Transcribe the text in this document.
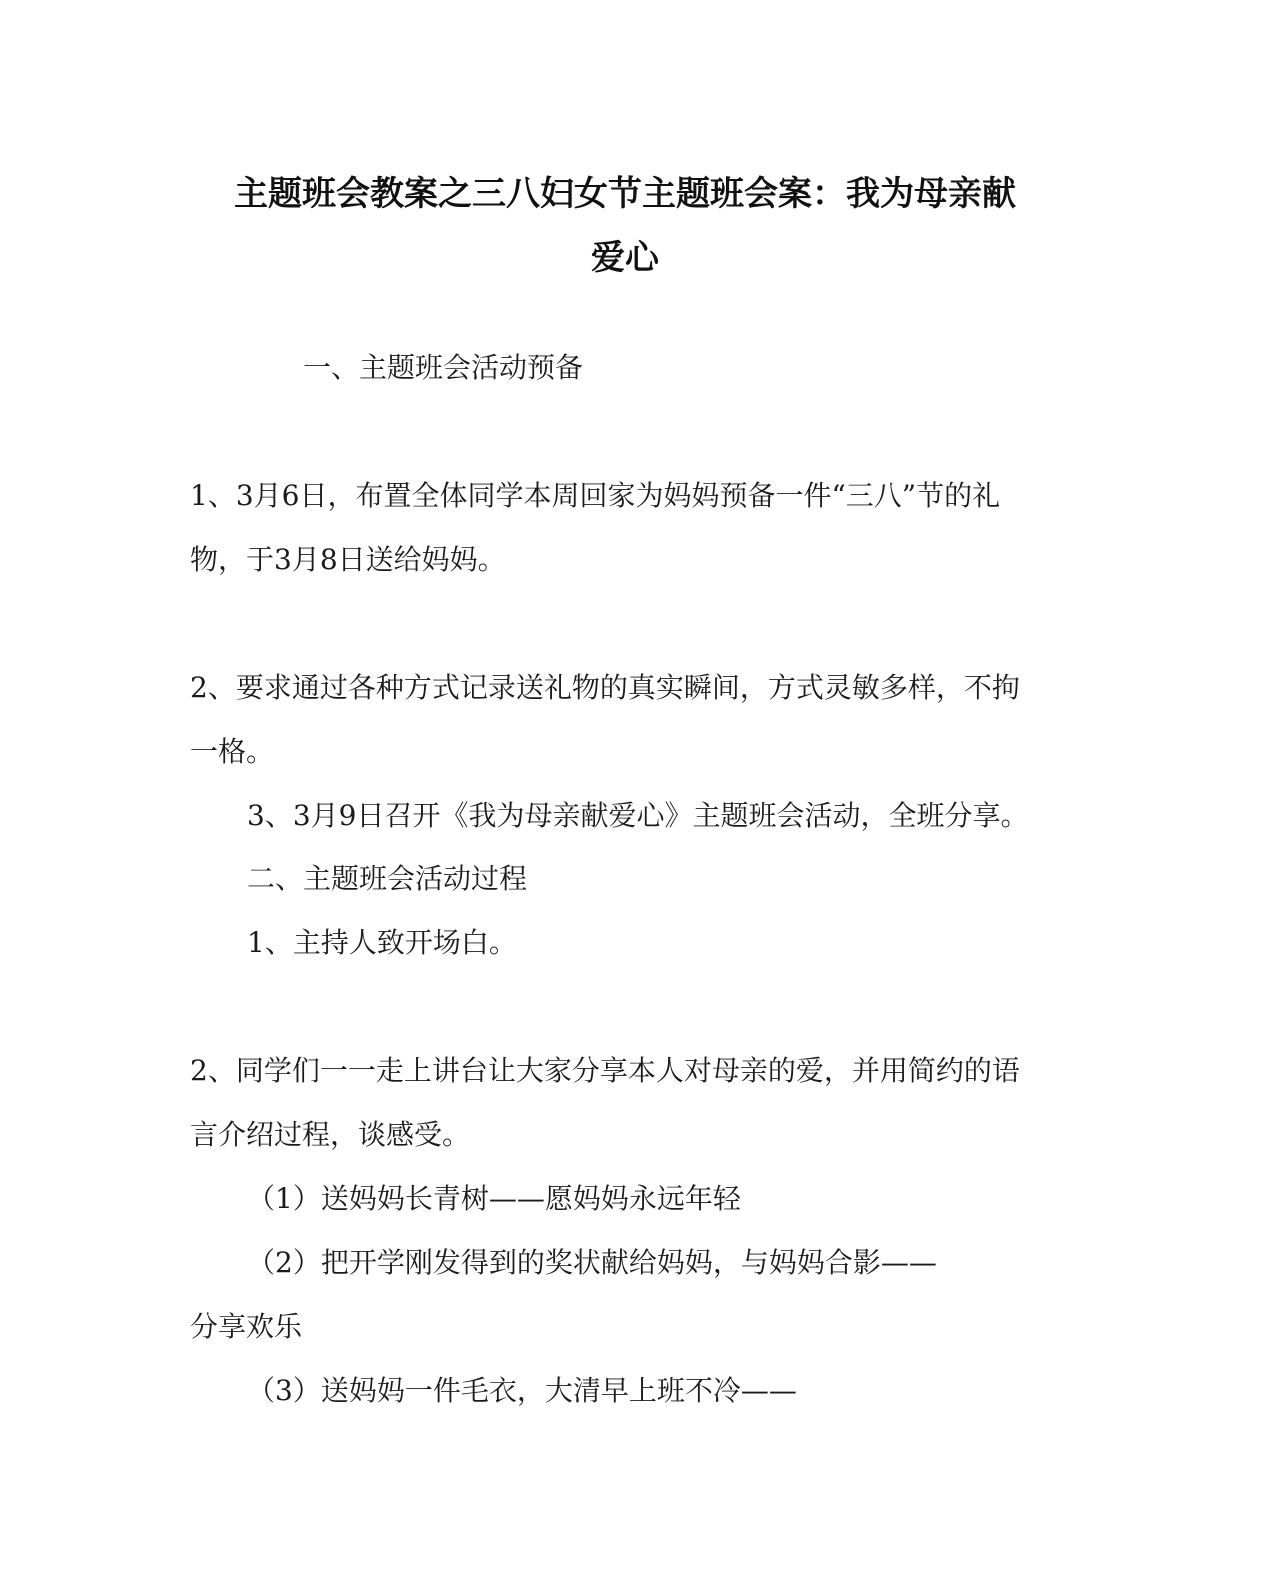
主题班会教案之三八妇女节主题班会案：我为母亲献
爱心
一、主题班会活动预备
1、3月6日，布置全体同学本周回家为妈妈预备一件“三八”节的礼
物，于3月8日送给妈妈。
2、要求通过各种方式记录送礼物的真实瞬间，方式灵敏多样，不拘
一格。
3、3月9日召开《我为母亲献爱心》主题班会活动，全班分享。
二、主题班会活动过程
1、主持人致开场白。
2、同学们一一走上讲台让大家分享本人对母亲的爱，并用简约的语
言介绍过程，谈感受。
（1）送妈妈长青树——愿妈妈永远年轻
（2）把开学刚发得到的奖状献给妈妈，与妈妈合影——
分享欢乐
（3）送妈妈一件毛衣，大清早上班不冷——
